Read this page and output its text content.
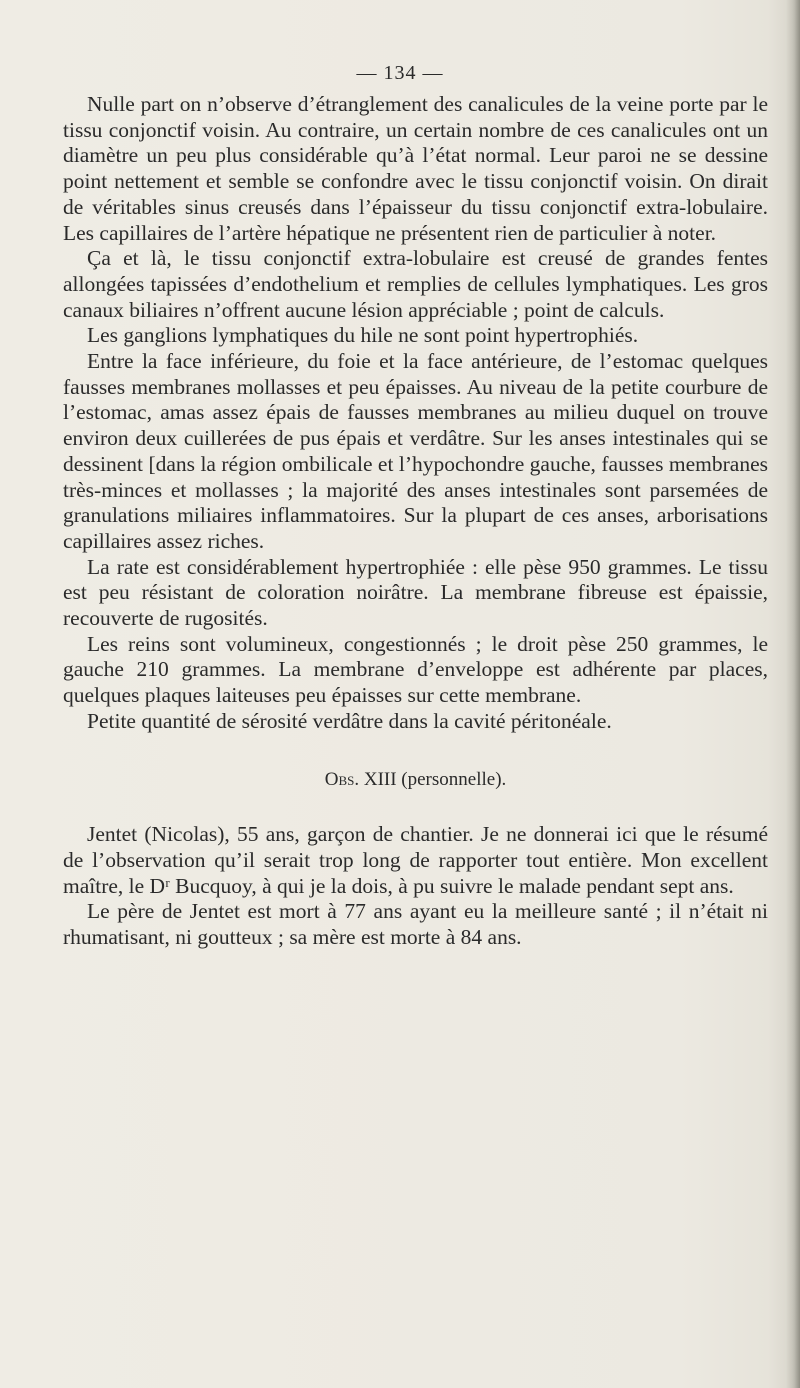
— 134 —

Nulle part on n’observe d’étranglement des canalicules de la veine porte par le tissu conjonctif voisin. Au contraire, un certain nombre de ces canalicules ont un diamètre un peu plus considérable qu’à l’état normal. Leur paroi ne se dessine point nettement et semble se confondre avec le tissu conjonctif voisin. On dirait de véritables sinus creusés dans l’épaisseur du tissu conjonctif extra-lobulaire. Les capillaires de l’artère hépatique ne présentent rien de particulier à noter.

Ça et là, le tissu conjonctif extra-lobulaire est creusé de grandes fentes allongées tapissées d’endothelium et remplies de cellules lymphatiques. Les gros canaux biliaires n’offrent aucune lésion appréciable ; point de calculs.

Les ganglions lymphatiques du hile ne sont point hypertrophiés.

Entre la face inférieure, du foie et la face antérieure, de l’estomac quelques fausses membranes mollasses et peu épaisses. Au niveau de la petite courbure de l’estomac, amas assez épais de fausses membranes au milieu duquel on trouve environ deux cuillerées de pus épais et verdâtre. Sur les anses intestinales qui se dessinent [dans la région ombilicale et l’hypochondre gauche, fausses membranes très-minces et mollasses ; la majorité des anses intestinales sont parsemées de granulations miliaires inflammatoires. Sur la plupart de ces anses, arborisations capillaires assez riches.

La rate est considérablement hypertrophiée : elle pèse 950 grammes. Le tissu est peu résistant de coloration noirâtre. La membrane fibreuse est épaissie, recouverte de rugosités.

Les reins sont volumineux, congestionnés ; le droit pèse 250 grammes, le gauche 210 grammes. La membrane d’enveloppe est adhérente par places, quelques plaques laiteuses peu épaisses sur cette membrane.

Petite quantité de sérosité verdâtre dans la cavité péritonéale.

Obs. XIII (personnelle).

Jentet (Nicolas), 55 ans, garçon de chantier. Je ne donnerai ici que le résumé de l’observation qu’il serait trop long de rapporter tout entière. Mon excellent maître, le Dʳ Bucquoy, à qui je la dois, à pu suivre le malade pendant sept ans.

Le père de Jentet est mort à 77 ans ayant eu la meilleure santé ; il n’était ni rhumatisant, ni goutteux ; sa mère est morte à 84 ans.
